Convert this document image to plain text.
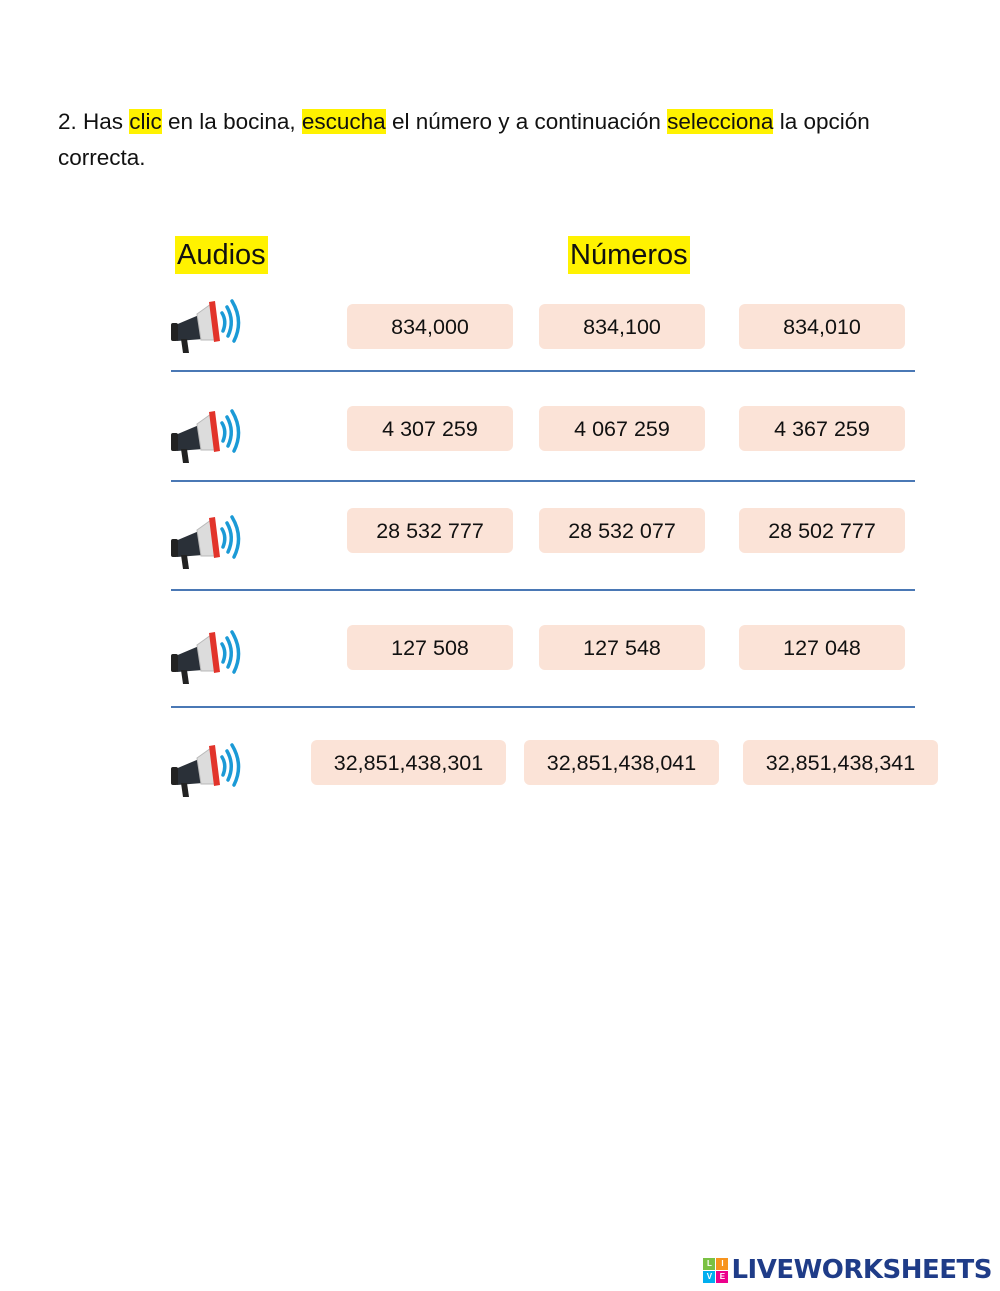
2. Has clic en la bocina, escucha el número y a continuación selecciona la opción correcta.
Audios	Números
834,000	834,100	834,010
4 307 259	4 067 259	4 367 259
28 532 777	28 532 077	28 502 777
127 508	127 548	127 048
32,851,438,301	32,851,438,041	32,851,438,341
L	I
V E LIVEWORKSHEETS
